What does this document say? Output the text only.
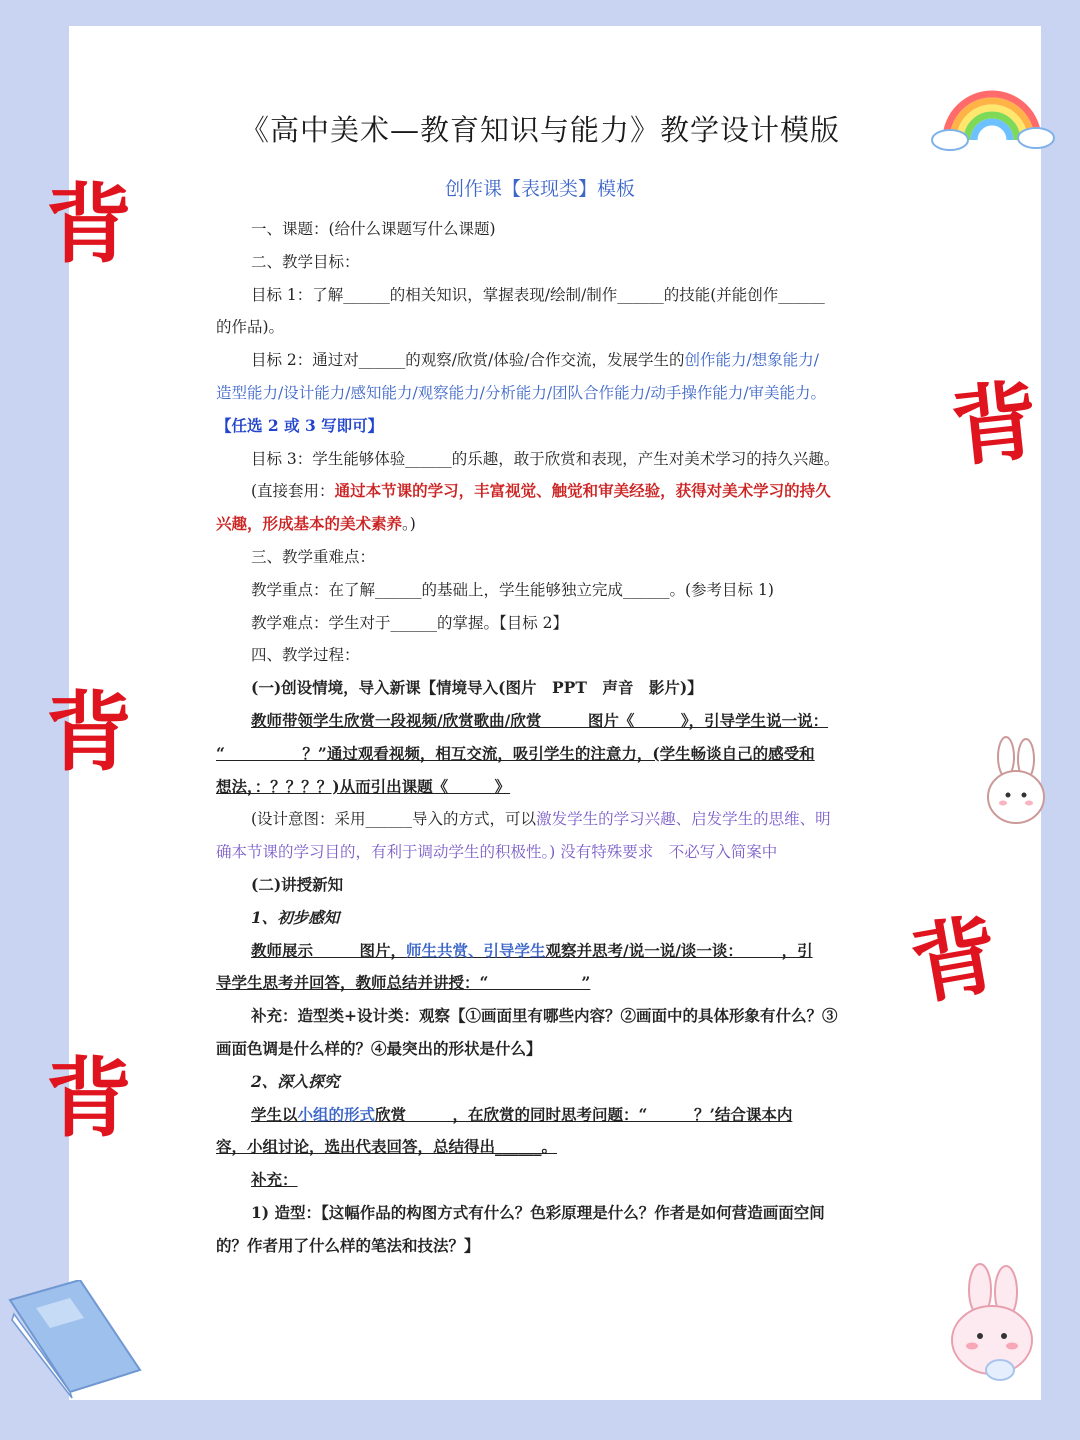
背
背
背
背
背
《高中美术—教育知识与能力》教学设计模版
创作课【表现类】模板
一、课题：(给什么课题写什么课题)
二、教学目标：
目标 1：了解______的相关知识，掌握表现/绘制/制作______的技能(并能创作______
的作品)。
目标 2：通过对______的观察/欣赏/体验/合作交流，发展学生的创作能力/想象能力/
造型能力/设计能力/感知能力/观察能力/分析能力/团队合作能力/动手操作能力/审美能力。
【任选 2 或 3 写即可】
目标 3：学生能够体验______的乐趣，敢于欣赏和表现，产生对美术学习的持久兴趣。
(直接套用：通过本节课的学习，丰富视觉、触觉和审美经验，获得对美术学习的持久
兴趣，形成基本的美术素养。)
三、教学重难点：
教学重点：在了解______的基础上，学生能够独立完成______。(参考目标 1)
教学难点：学生对于______的掌握。【目标 2】
四、教学过程：
(一)创设情境，导入新课【情境导入(图片　PPT　声音　影片)】
教师带领学生欣赏一段视频/欣赏歌曲/欣赏　　　图片《　　　》，引导学生说一说：
“　　　　　？”通过观看视频，相互交流，吸引学生的注意力，(学生畅谈自己的感受和
想法，：？？？？)从而引出课题《　　　》
(设计意图：采用______导入的方式，可以激发学生的学习兴趣、启发学生的思维、明
确本节课的学习目的，有利于调动学生的积极性。) 没有特殊要求　不必写入简案中
(二)讲授新知
1、初步感知
教师展示　　　图片，师生共赏、引导学生观察并思考/说一说/谈一谈：　　　，引
导学生思考并回答，教师总结并讲授：“　　　　　　”
补充：造型类+设计类：观察【①画面里有哪些内容？②画面中的具体形象有什么？③
画面色调是什么样的？④最突出的形状是什么】
2、深入探究
学生以小组的形式欣赏　　　，在欣赏的同时思考问题：“　　　？’结合课本内
容，小组讨论，选出代表回答，总结得出______。
补充：
1) 造型：【这幅作品的构图方式有什么？色彩原理是什么？作者是如何营造画面空间
的？作者用了什么样的笔法和技法？】
